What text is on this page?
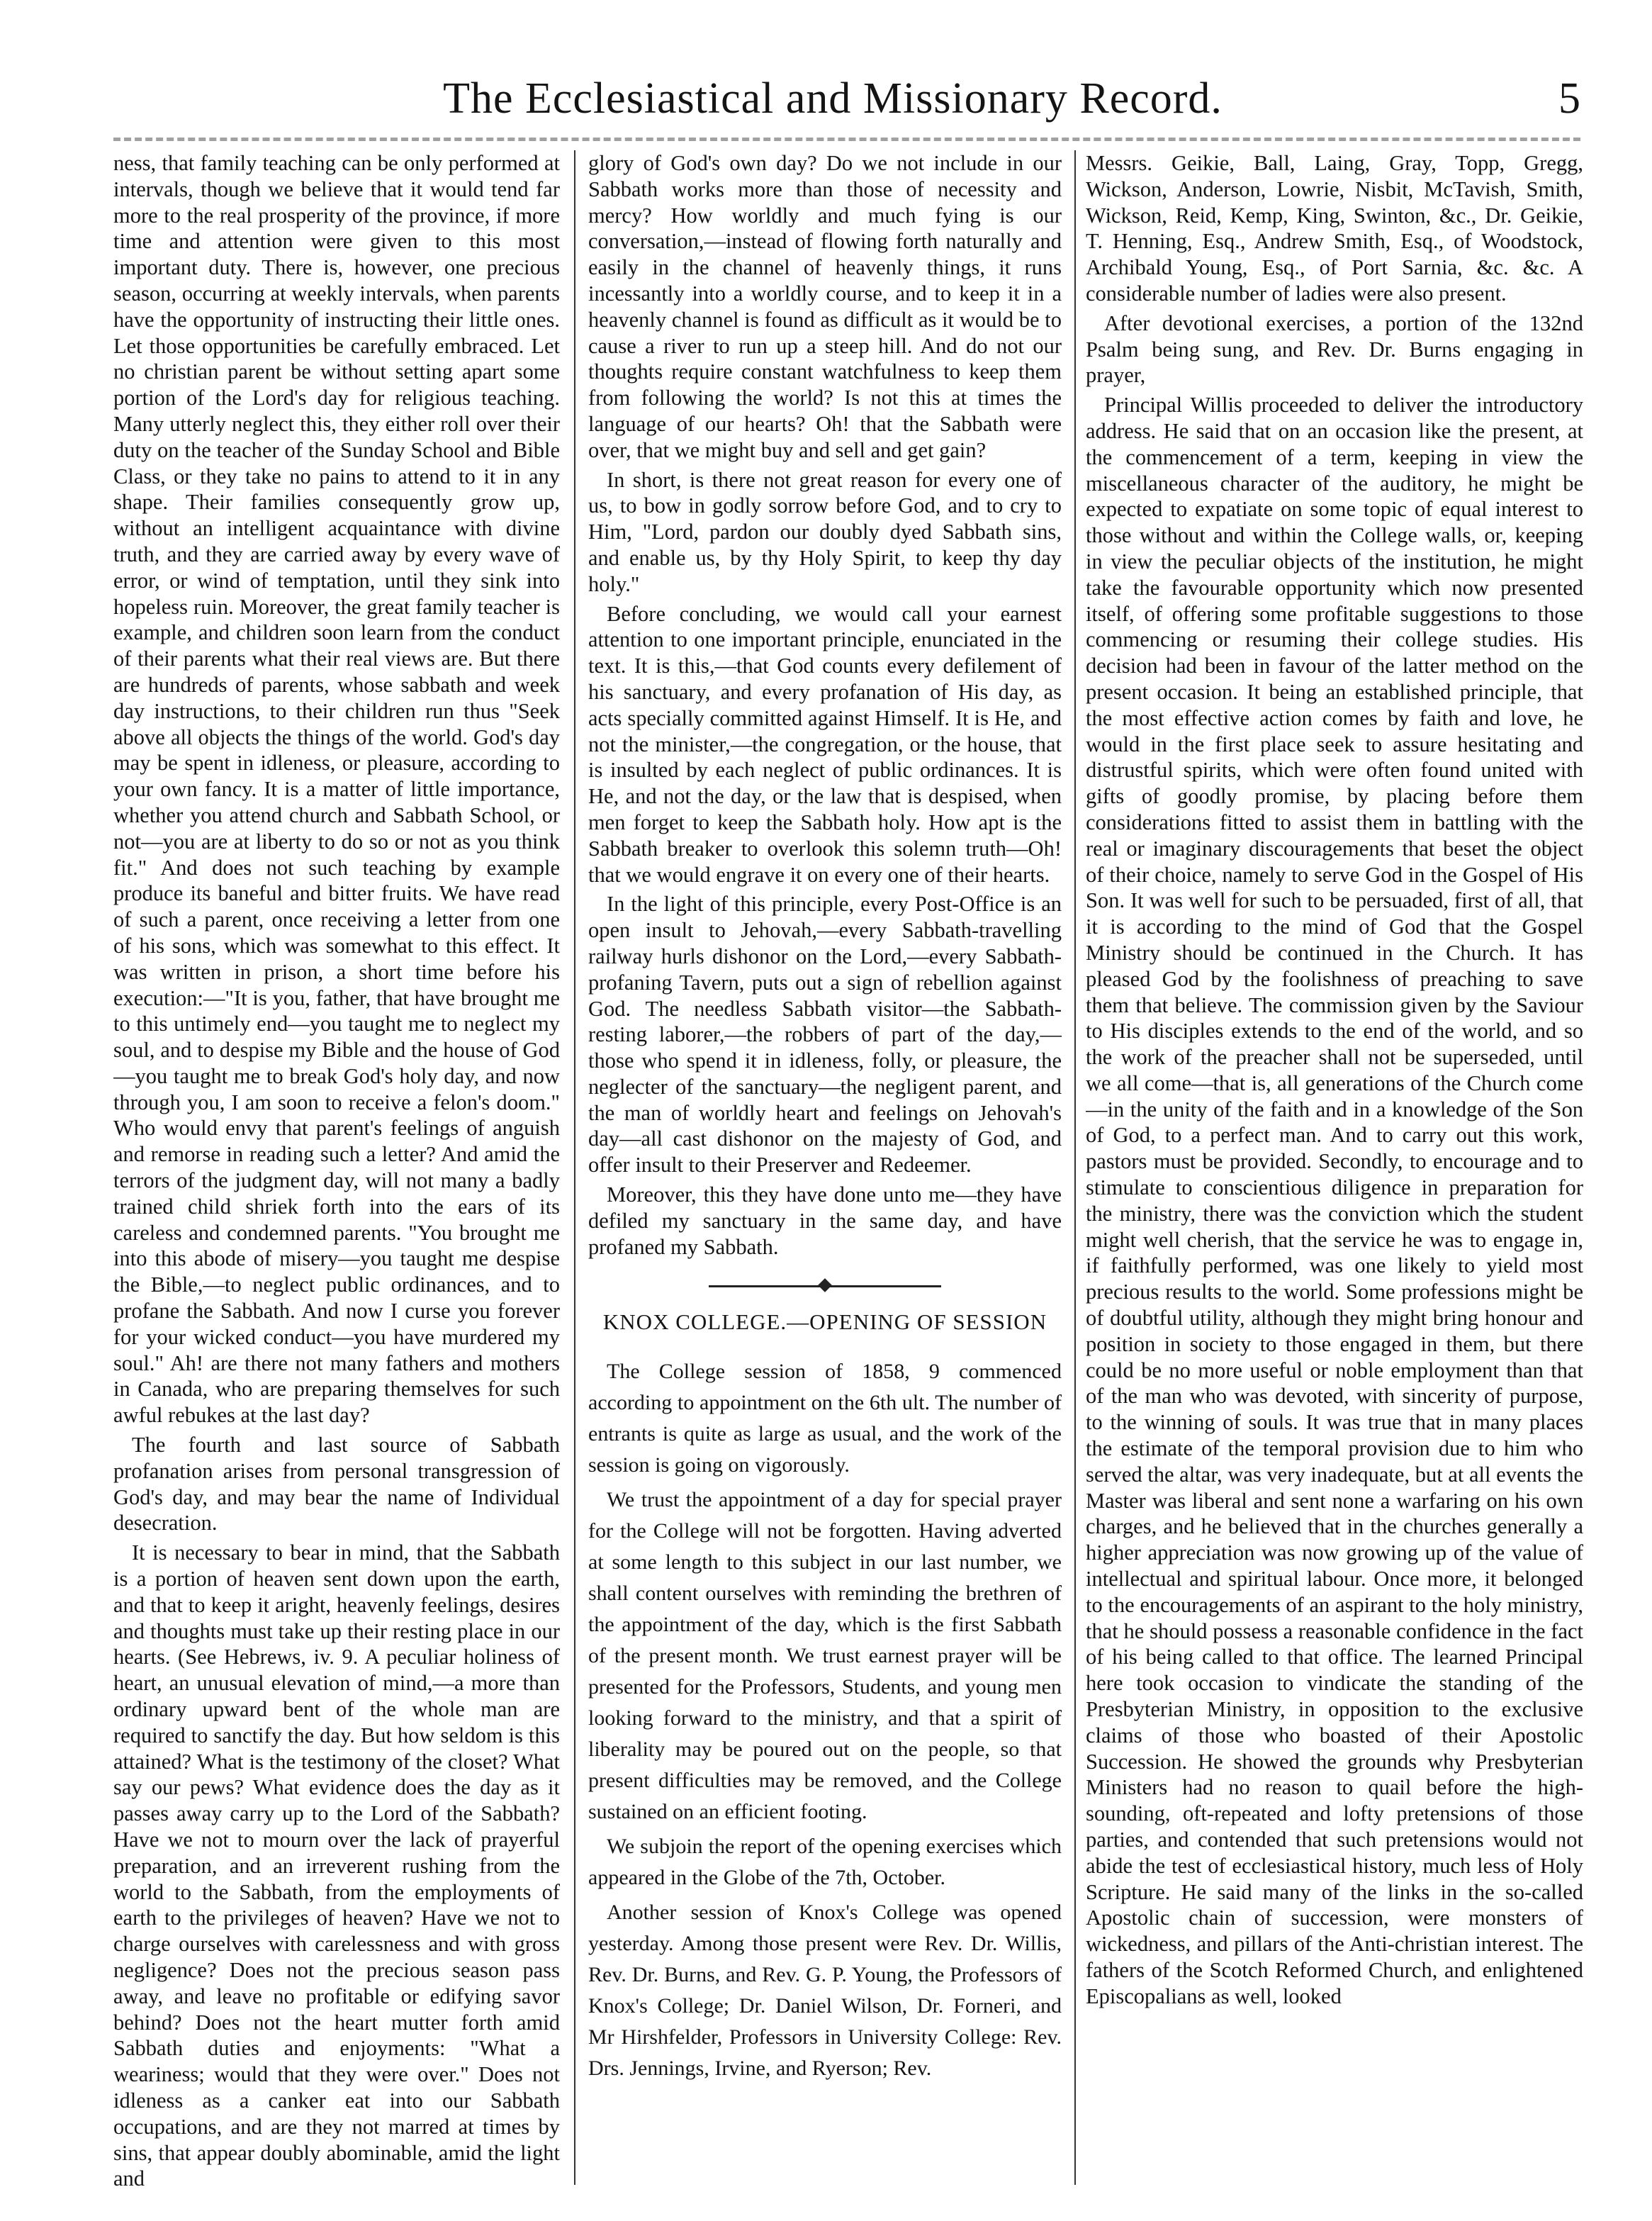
The Ecclesiastical and Missionary Record.	5

ness, that family teaching can be only performed at intervals, though we believe that it would tend far more to the real prosperity of the province, if more time and attention were given to this most important duty. There is, however, one precious season, occurring at weekly intervals, when parents have the opportunity of instructing their little ones. Let those opportunities be carefully embraced. Let no christian parent be without setting apart some portion of the Lord's day for religious teaching. Many utterly neglect this, they either roll over their duty on the teacher of the Sunday School and Bible Class, or they take no pains to attend to it in any shape. Their families consequently grow up, without an intelligent acquaintance with divine truth, and they are carried away by every wave of error, or wind of temptation, until they sink into hopeless ruin. Moreover, the great family teacher is example, and children soon learn from the conduct of their parents what their real views are. But there are hundreds of parents, whose sabbath and week day instructions, to their children run thus "Seek above all objects the things of the world. God's day may be spent in idleness, or pleasure, according to your own fancy. It is a matter of little importance, whether you attend church and Sabbath School, or not—you are at liberty to do so or not as you think fit." And does not such teaching by example produce its baneful and bitter fruits. We have read of such a parent, once receiving a letter from one of his sons, which was somewhat to this effect. It was written in prison, a short time before his execution:—"It is you, father, that have brought me to this untimely end—you taught me to neglect my soul, and to despise my Bible and the house of God—you taught me to break God's holy day, and now through you, I am soon to receive a felon's doom." Who would envy that parent's feelings of anguish and remorse in reading such a letter? And amid the terrors of the judgment day, will not many a badly trained child shriek forth into the ears of its careless and condemned parents. "You brought me into this abode of misery—you taught me despise the Bible,—to neglect public ordinances, and to profane the Sabbath. And now I curse you forever for your wicked conduct—you have murdered my soul." Ah! are there not many fathers and mothers in Canada, who are preparing themselves for such awful rebukes at the last day?

The fourth and last source of Sabbath profanation arises from personal transgression of God's day, and may bear the name of Individual desecration.

It is necessary to bear in mind, that the Sabbath is a portion of heaven sent down upon the earth, and that to keep it aright, heavenly feelings, desires and thoughts must take up their resting place in our hearts. (See Hebrews, iv. 9. A peculiar holiness of heart, an unusual elevation of mind,—a more than ordinary upward bent of the whole man are required to sanctify the day. But how seldom is this attained? What is the testimony of the closet? What say our pews? What evidence does the day as it passes away carry up to the Lord of the Sabbath? Have we not to mourn over the lack of prayerful preparation, and an irreverent rushing from the world to the Sabbath, from the employments of earth to the privileges of heaven? Have we not to charge ourselves with carelessness and with gross negligence? Does not the precious season pass away, and leave no profitable or edifying savor behind? Does not the heart mutter forth amid Sabbath duties and enjoyments: "What a weariness; would that they were over." Does not idleness as a canker eat into our Sabbath occupations, and are they not marred at times by sins, that appear doubly abominable, amid the light and

glory of God's own day? Do we not include in our Sabbath works more than those of necessity and mercy? How worldly and much fying is our conversation,—instead of flowing forth naturally and easily in the channel of heavenly things, it runs incessantly into a worldly course, and to keep it in a heavenly channel is found as difficult as it would be to cause a river to run up a steep hill. And do not our thoughts require constant watchfulness to keep them from following the world? Is not this at times the language of our hearts? Oh! that the Sabbath were over, that we might buy and sell and get gain?

In short, is there not great reason for every one of us, to bow in godly sorrow before God, and to cry to Him, "Lord, pardon our doubly dyed Sabbath sins, and enable us, by thy Holy Spirit, to keep thy day holy."

Before concluding, we would call your earnest attention to one important principle, enunciated in the text. It is this,—that God counts every defilement of his sanctuary, and every profanation of His day, as acts specially committed against Himself. It is He, and not the minister,—the congregation, or the house, that is insulted by each neglect of public ordinances. It is He, and not the day, or the law that is despised, when men forget to keep the Sabbath holy. How apt is the Sabbath breaker to overlook this solemn truth—Oh! that we would engrave it on every one of their hearts.

In the light of this principle, every Post-Office is an open insult to Jehovah,—every Sabbath-travelling railway hurls dishonor on the Lord,—every Sabbath-profaning Tavern, puts out a sign of rebellion against God. The needless Sabbath visitor—the Sabbath-resting laborer,—the robbers of part of the day,—those who spend it in idleness, folly, or pleasure, the neglecter of the sanctuary—the negligent parent, and the man of worldly heart and feelings on Jehovah's day—all cast dishonor on the majesty of God, and offer insult to their Preserver and Redeemer.

Moreover, this they have done unto me—they have defiled my sanctuary in the same day, and have profaned my Sabbath.

KNOX COLLEGE.—OPENING OF SESSION

The College session of 1858, 9 commenced according to appointment on the 6th ult. The number of entrants is quite as large as usual, and the work of the session is going on vigorously.

We trust the appointment of a day for special prayer for the College will not be forgotten. Having adverted at some length to this subject in our last number, we shall content ourselves with reminding the brethren of the appointment of the day, which is the first Sabbath of the present month. We trust earnest prayer will be presented for the Professors, Students, and young men looking forward to the ministry, and that a spirit of liberality may be poured out on the people, so that present difficulties may be removed, and the College sustained on an efficient footing.

We subjoin the report of the opening exercises which appeared in the Globe of the 7th, October.

Another session of Knox's College was opened yesterday. Among those present were Rev. Dr. Willis, Rev. Dr. Burns, and Rev. G. P. Young, the Professors of Knox's College; Dr. Daniel Wilson, Dr. Forneri, and Mr Hirshfelder, Professors in University College: Rev. Drs. Jennings, Irvine, and Ryerson; Rev.

Messrs. Geikie, Ball, Laing, Gray, Topp, Gregg, Wickson, Anderson, Lowrie, Nisbit, McTavish, Smith, Wickson, Reid, Kemp, King, Swinton, &c., Dr. Geikie, T. Henning, Esq., Andrew Smith, Esq., of Woodstock, Archibald Young, Esq., of Port Sarnia, &c. &c. A considerable number of ladies were also present.

After devotional exercises, a portion of the 132nd Psalm being sung, and Rev. Dr. Burns engaging in prayer,

Principal Willis proceeded to deliver the introductory address. He said that on an occasion like the present, at the commencement of a term, keeping in view the miscellaneous character of the auditory, he might be expected to expatiate on some topic of equal interest to those without and within the College walls, or, keeping in view the peculiar objects of the institution, he might take the favourable opportunity which now presented itself, of offering some profitable suggestions to those commencing or resuming their college studies. His decision had been in favour of the latter method on the present occasion. It being an established principle, that the most effective action comes by faith and love, he would in the first place seek to assure hesitating and distrustful spirits, which were often found united with gifts of goodly promise, by placing before them considerations fitted to assist them in battling with the real or imaginary discouragements that beset the object of their choice, namely to serve God in the Gospel of His Son. It was well for such to be persuaded, first of all, that it is according to the mind of God that the Gospel Ministry should be continued in the Church. It has pleased God by the foolishness of preaching to save them that believe. The commission given by the Saviour to His disciples extends to the end of the world, and so the work of the preacher shall not be superseded, until we all come—that is, all generations of the Church come—in the unity of the faith and in a knowledge of the Son of God, to a perfect man. And to carry out this work, pastors must be provided. Secondly, to encourage and to stimulate to conscientious diligence in preparation for the ministry, there was the conviction which the student might well cherish, that the service he was to engage in, if faithfully performed, was one likely to yield most precious results to the world. Some professions might be of doubtful utility, although they might bring honour and position in society to those engaged in them, but there could be no more useful or noble employment than that of the man who was devoted, with sincerity of purpose, to the winning of souls. It was true that in many places the estimate of the temporal provision due to him who served the altar, was very inadequate, but at all events the Master was liberal and sent none a warfaring on his own charges, and he believed that in the churches generally a higher appreciation was now growing up of the value of intellectual and spiritual labour. Once more, it belonged to the encouragements of an aspirant to the holy ministry, that he should possess a reasonable confidence in the fact of his being called to that office. The learned Principal here took occasion to vindicate the standing of the Presbyterian Ministry, in opposition to the exclusive claims of those who boasted of their Apostolic Succession. He showed the grounds why Presbyterian Ministers had no reason to quail before the high-sounding, oft-repeated and lofty pretensions of those parties, and contended that such pretensions would not abide the test of ecclesiastical history, much less of Holy Scripture. He said many of the links in the so-called Apostolic chain of succession, were monsters of wickedness, and pillars of the Anti-christian interest. The fathers of the Scotch Reformed Church, and enlightened Episcopalians as well, looked
